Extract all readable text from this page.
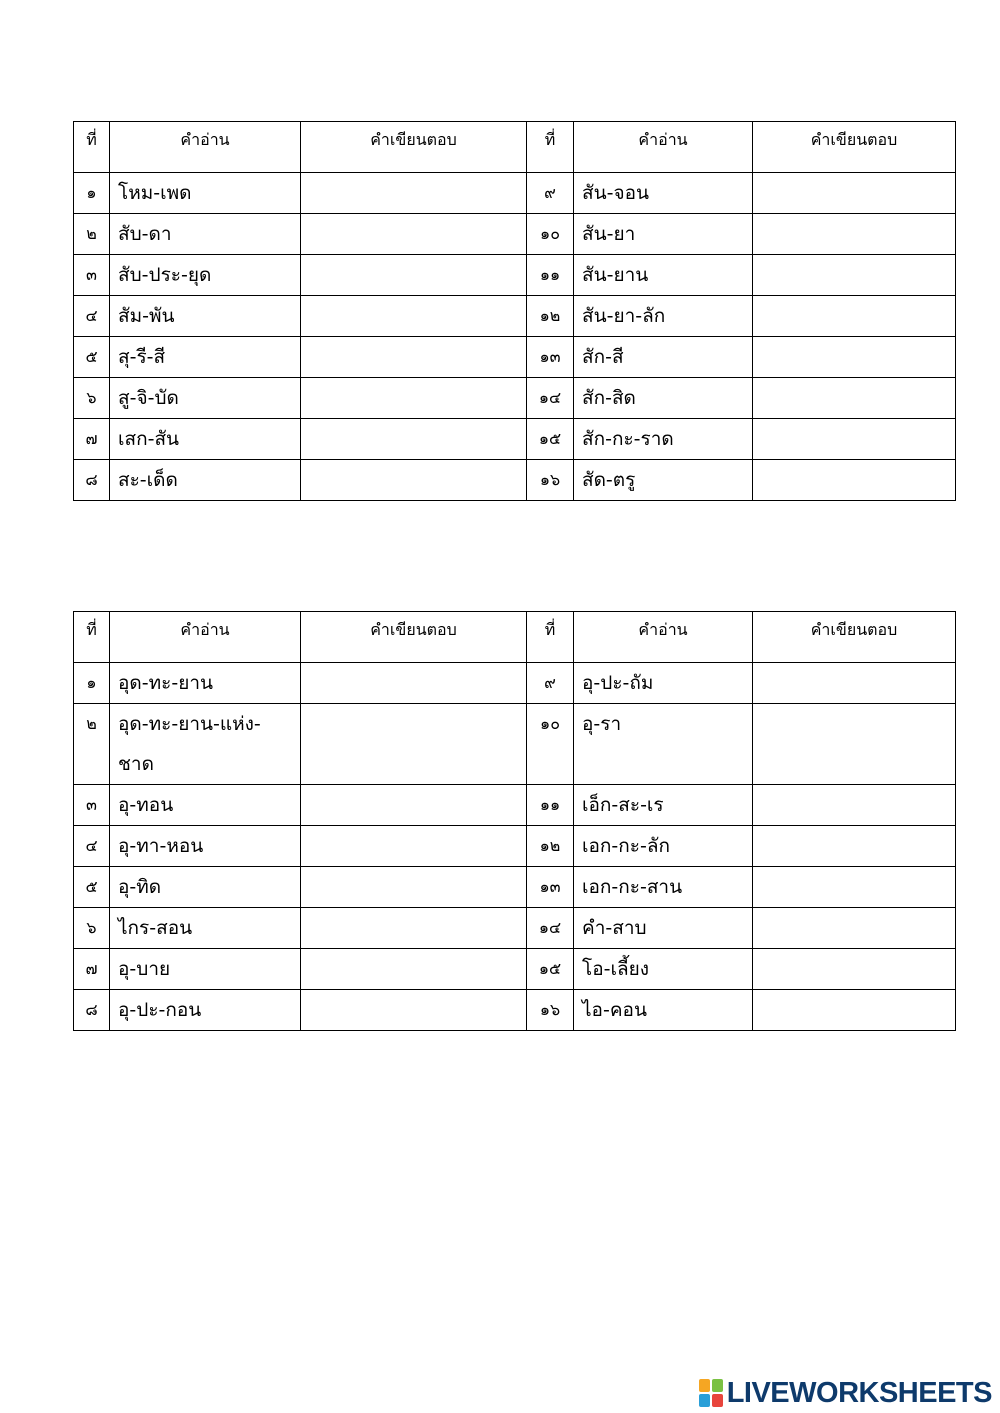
ที่	คำอ่าน	คำเขียนตอบ	ที่	คำอ่าน	คำเขียนตอบ
๑	โหม-เพด		๙	สัน-จอน	

๒	สับ-ดา		๑๐	สัน-ยา	

๓	สับ-ประ-ยุด		๑๑	สัน-ยาน	

๔	สัม-พัน		๑๒	สัน-ยา-ลัก	

๕	สุ-รี-สี		๑๓	สัก-สี	

๖	สู-จิ-บัด		๑๔	สัก-สิด	

๗	เสก-สัน		๑๕	สัก-กะ-ราด	

๘	สะ-เด็ด		๑๖	สัด-ตรู	
ที่	คำอ่าน	คำเขียนตอบ	ที่	คำอ่าน	คำเขียนตอบ
๑	อุด-ทะ-ยาน		๙	อุ-ปะ-ถัม	

๒	อุด-ทะ-ยาน-แห่ง-
ชาด		๑๐	อุ-รา	

๓	อุ-ทอน		๑๑	เอ็ก-สะ-เร	

๔	อุ-ทา-หอน		๑๒	เอก-กะ-ลัก	

๕	อุ-ทิด		๑๓	เอก-กะ-สาน	

๖	ไกร-สอน		๑๔	คำ-สาบ	

๗	อุ-บาย		๑๕	โอ-เลี้ยง	

๘	อุ-ปะ-กอน		๑๖	ไอ-คอน	
LIVEWORKSHEETS
